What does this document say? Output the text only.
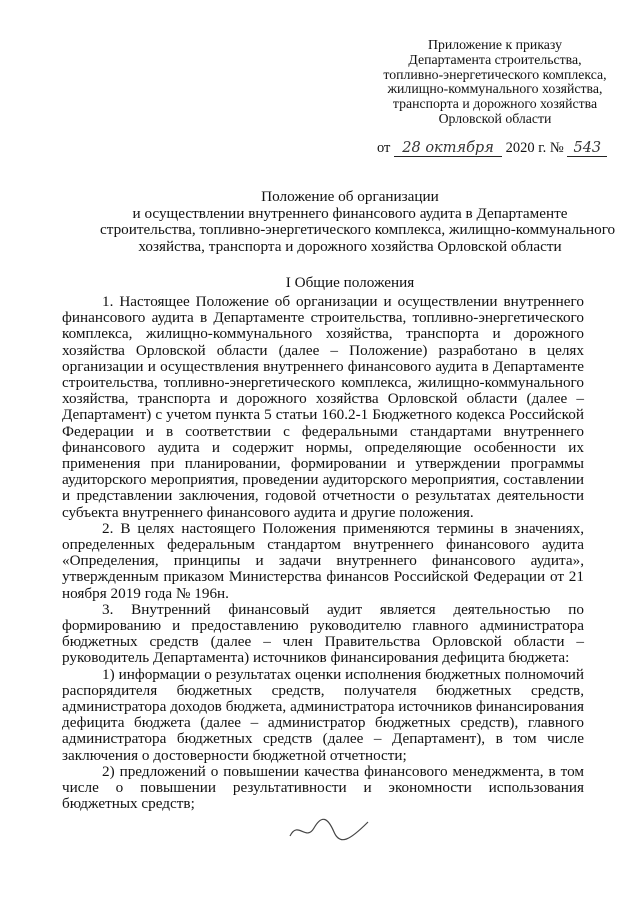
Приложение к приказу
Департамента строительства,
топливно-энергетического комплекса,
жилищно-коммунального хозяйства,
транспорта и дорожного хозяйства
Орловской области
от 28 октября 2020 г. № 543
Положение об организации
и осуществлении внутреннего финансового аудита в Департаменте
строительства, топливно-энергетического комплекса, жилищно-коммунального
хозяйства, транспорта и дорожного хозяйства Орловской области
I Общие положения

1. Настоящее Положение об организации и осуществлении внутреннего финансового аудита в Департаменте строительства, топливно-энергетического комплекса, жилищно-коммунального хозяйства, транспорта и дорожного хозяйства Орловской области (далее – Положение) разработано в целях организации и осуществления внутреннего финансового аудита в Департаменте строительства, топливно-энергетического комплекса, жилищно-коммунального хозяйства, транспорта и дорожного хозяйства Орловской области (далее – Департамент) с учетом пункта 5 статьи 160.2-1 Бюджетного кодекса Российской Федерации и в соответствии с федеральными стандартами внутреннего финансового аудита и содержит нормы, определяющие особенности их применения при планировании, формировании и утверждении программы аудиторского мероприятия, проведении аудиторского мероприятия, составлении и представлении заключения, годовой отчетности о результатах деятельности субъекта внутреннего финансового аудита и другие положения.

2. В целях настоящего Положения применяются термины в значениях, определенных федеральным стандартом внутреннего финансового аудита «Определения, принципы и задачи внутреннего финансового аудита», утвержденным приказом Министерства финансов Российской Федерации от 21 ноября 2019 года № 196н.

3. Внутренний финансовый аудит является деятельностью по формированию и предоставлению руководителю главного администратора бюджетных средств (далее – член Правительства Орловской области – руководитель Департамента) источников финансирования дефицита бюджета:

1) информации о результатах оценки исполнения бюджетных полномочий распорядителя бюджетных средств, получателя бюджетных средств, администратора доходов бюджета, администратора источников финансирования дефицита бюджета (далее – администратор бюджетных средств), главного администратора бюджетных средств (далее – Департамент), в том числе заключения о достоверности бюджетной отчетности;

2) предложений о повышении качества финансового менеджмента, в том числе о повышении результативности и экономности использования бюджетных средств;
